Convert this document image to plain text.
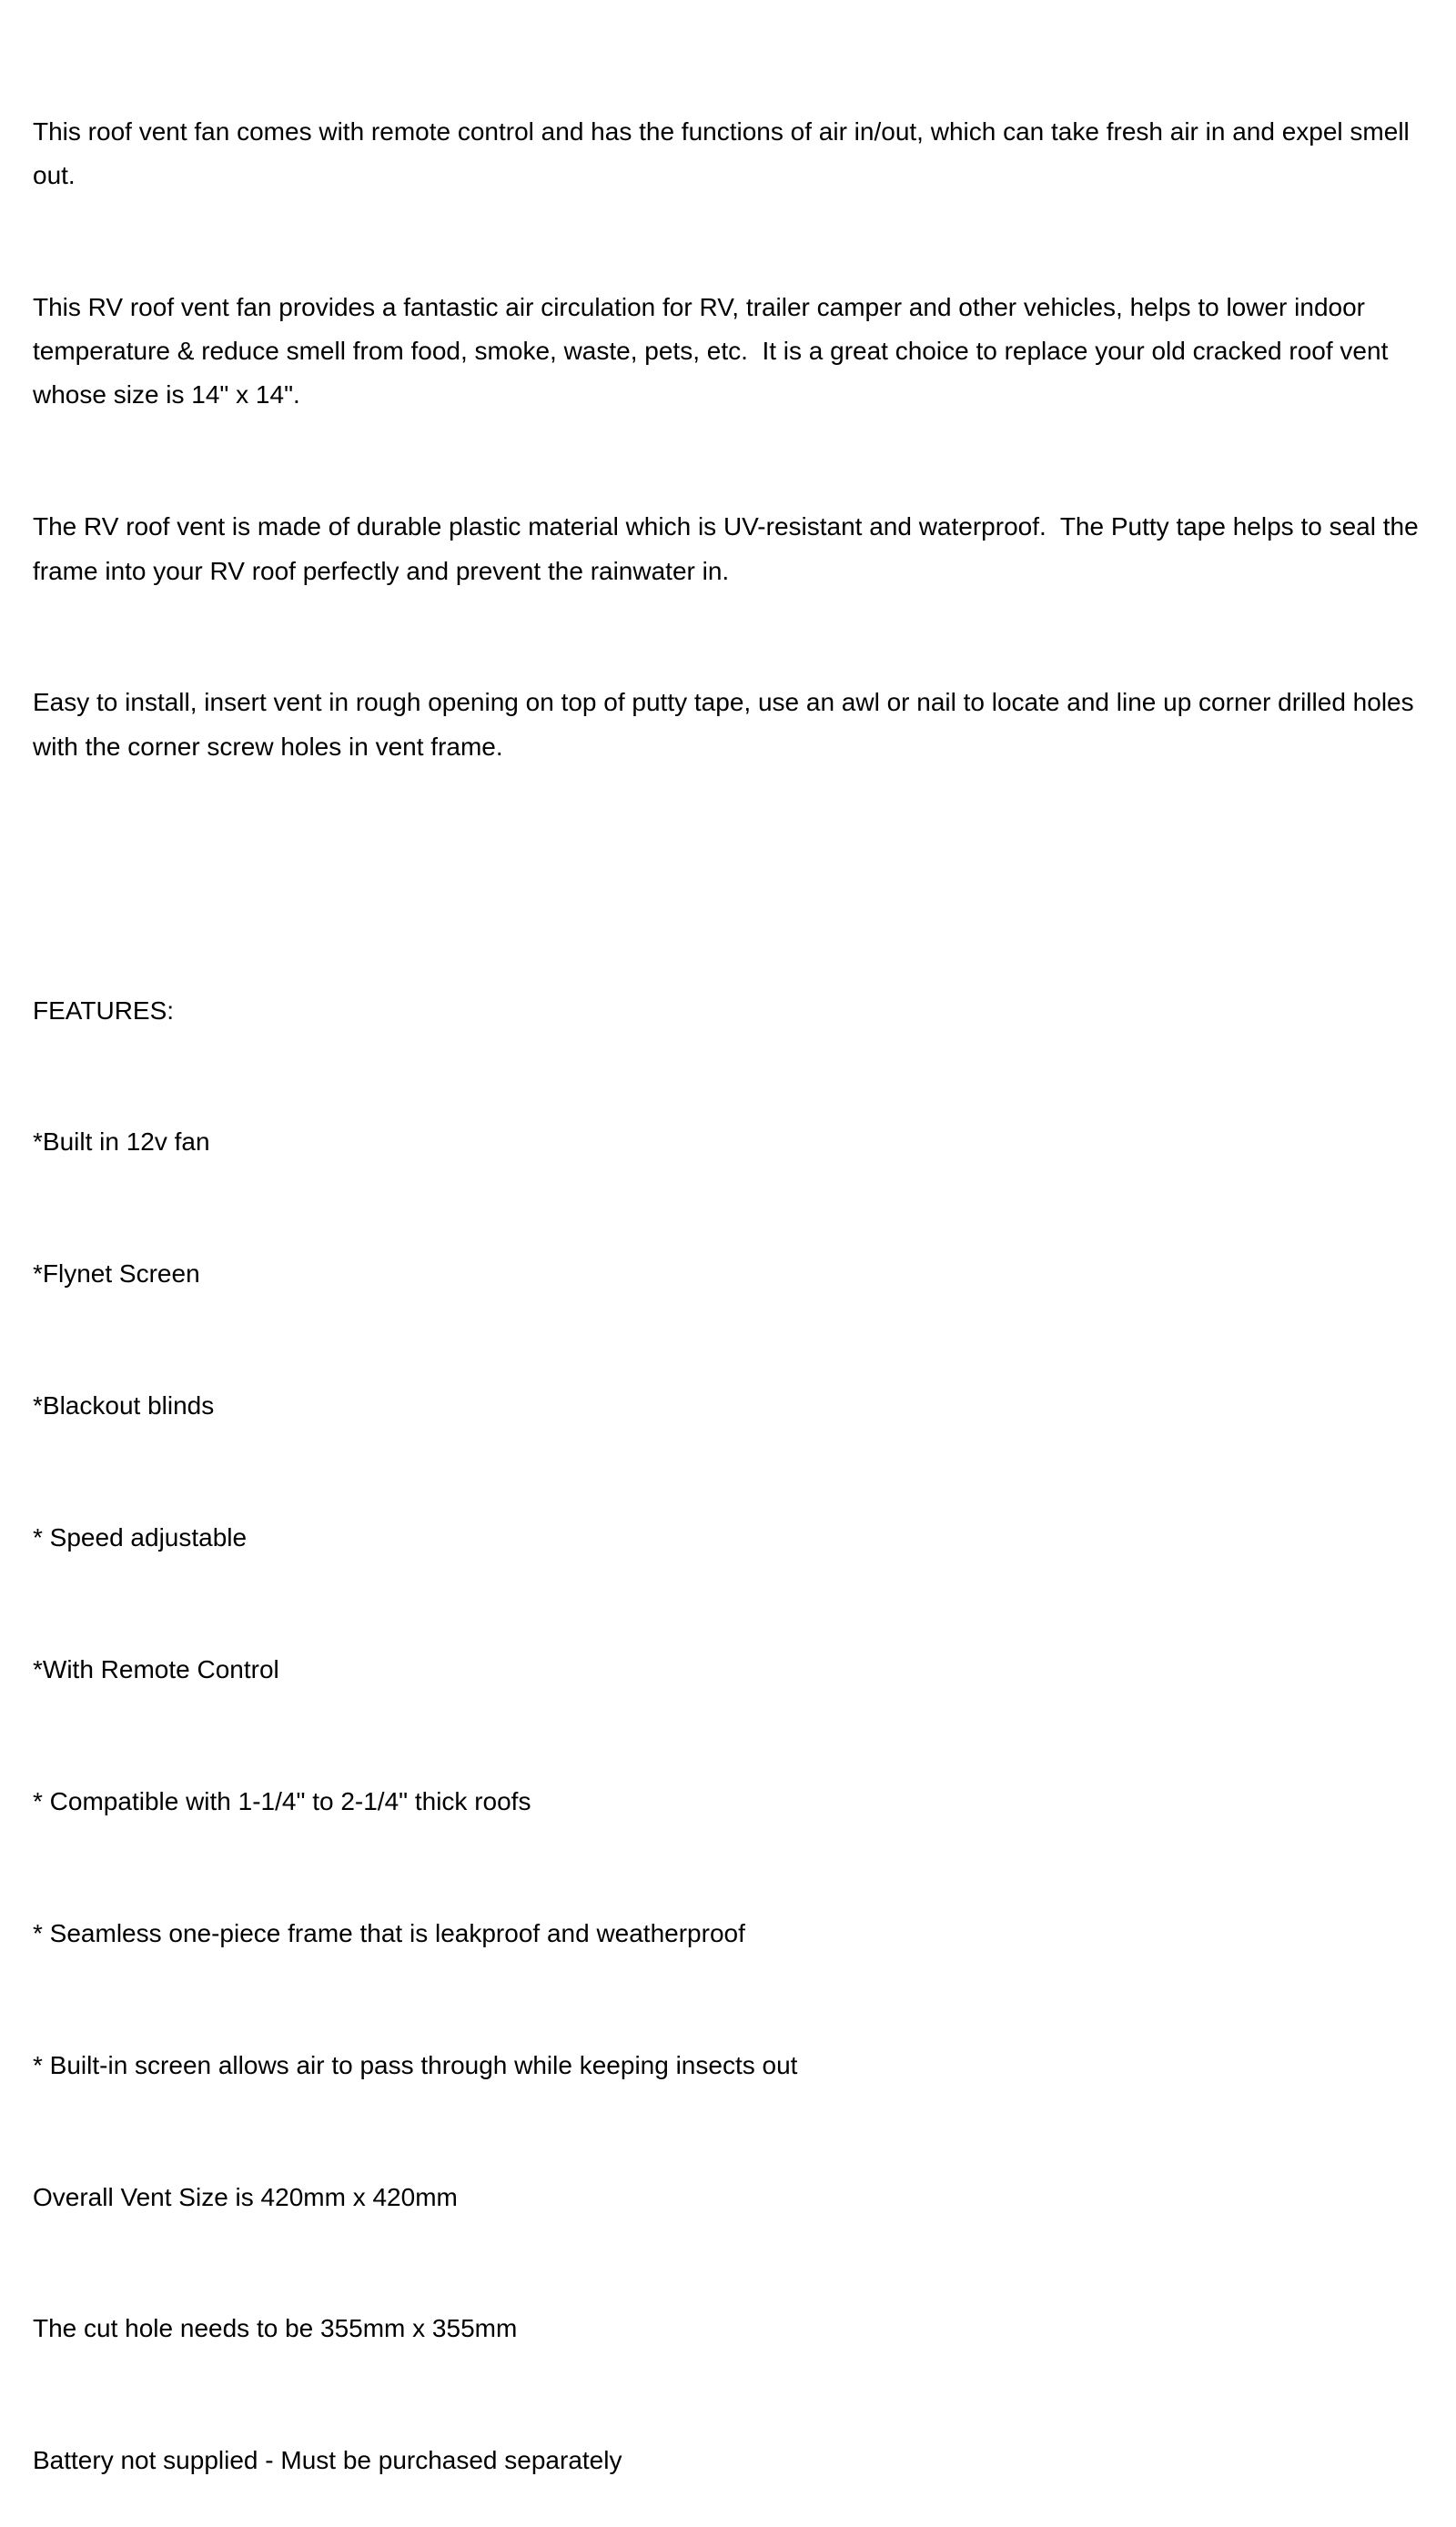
This roof vent fan comes with remote control and has the functions of air in/out, which can take fresh air in and expel smell out.

This RV roof vent fan provides a fantastic air circulation for RV, trailer camper and other vehicles, helps to lower indoor temperature & reduce smell from food, smoke, waste, pets, etc.  It is a great choice to replace your old cracked roof vent whose size is 14" x 14".

The RV roof vent is made of durable plastic material which is UV-resistant and waterproof.  The Putty tape helps to seal the frame into your RV roof perfectly and prevent the rainwater in.

Easy to install, insert vent in rough opening on top of putty tape, use an awl or nail to locate and line up corner drilled holes with the corner screw holes in vent frame.

FEATURES:

*Built in 12v fan

*Flynet Screen

*Blackout blinds

* Speed adjustable

*With Remote Control

* Compatible with 1-1/4" to 2-1/4" thick roofs

* Seamless one-piece frame that is leakproof and weatherproof

* Built-in screen allows air to pass through while keeping insects out

Overall Vent Size is 420mm x 420mm

The cut hole needs to be 355mm x 355mm

Battery not supplied - Must be purchased separately
